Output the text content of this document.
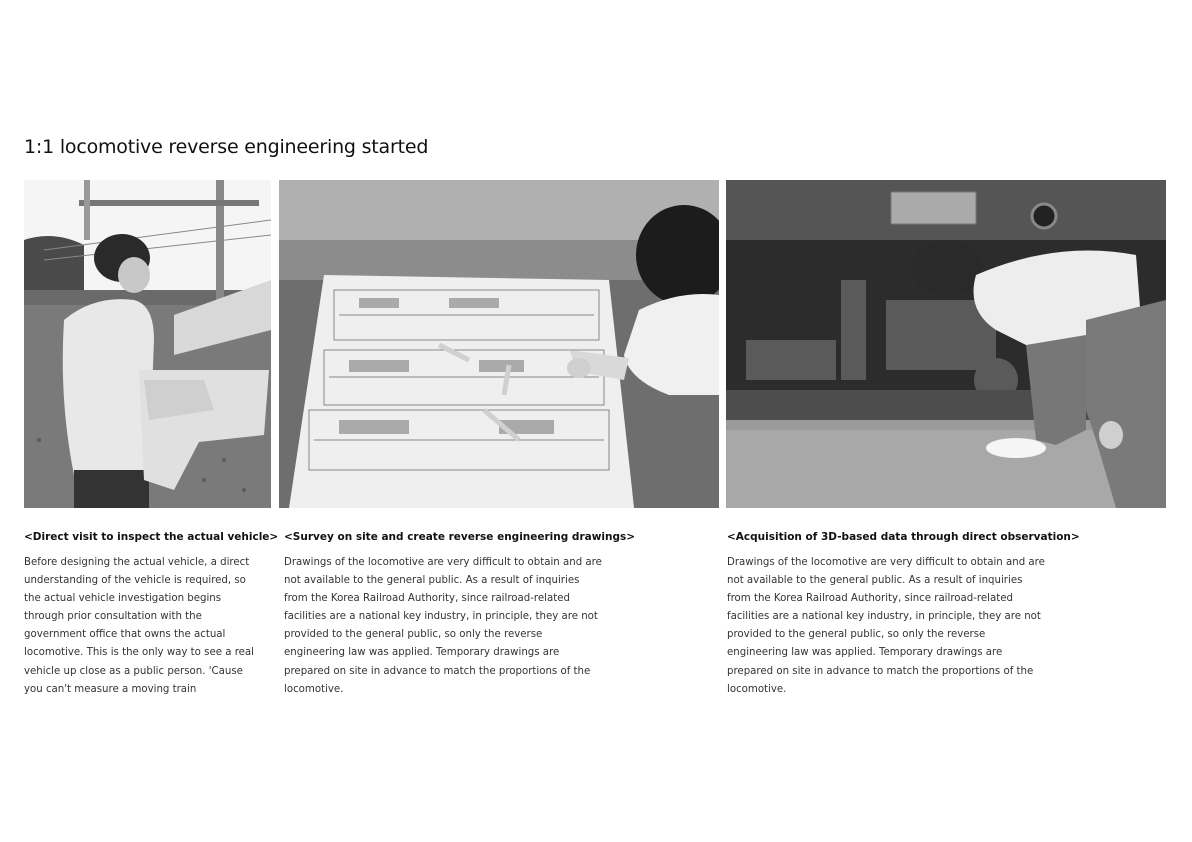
1:1 locomotive reverse engineering started
<Direct visit to inspect the actual vehicle>
Before designing the actual vehicle, a direct understanding of the vehicle is required, so the actual vehicle investigation begins through prior consultation with the government office that owns the actual locomotive. This is the only way to see a real vehicle up close as a public person. 'Cause you can't measure a moving train
<Survey on site and create reverse engineering drawings>
Drawings of the locomotive are very difficult to obtain and are not available to the general public. As a result of inquiries from the Korea Railroad Authority, since railroad-related facilities are a national key industry, in principle, they are not provided to the general public, so only the reverse engineering law was applied. Temporary drawings are prepared on site in advance to match the proportions of the locomotive.
<Acquisition of 3D-based data through direct observation>
Drawings of the locomotive are very difficult to obtain and are not available to the general public. As a result of inquiries from the Korea Railroad Authority, since railroad-related facilities are a national key industry, in principle, they are not provided to the general public, so only the reverse engineering law was applied. Temporary drawings are prepared on site in advance to match the proportions of the locomotive.
